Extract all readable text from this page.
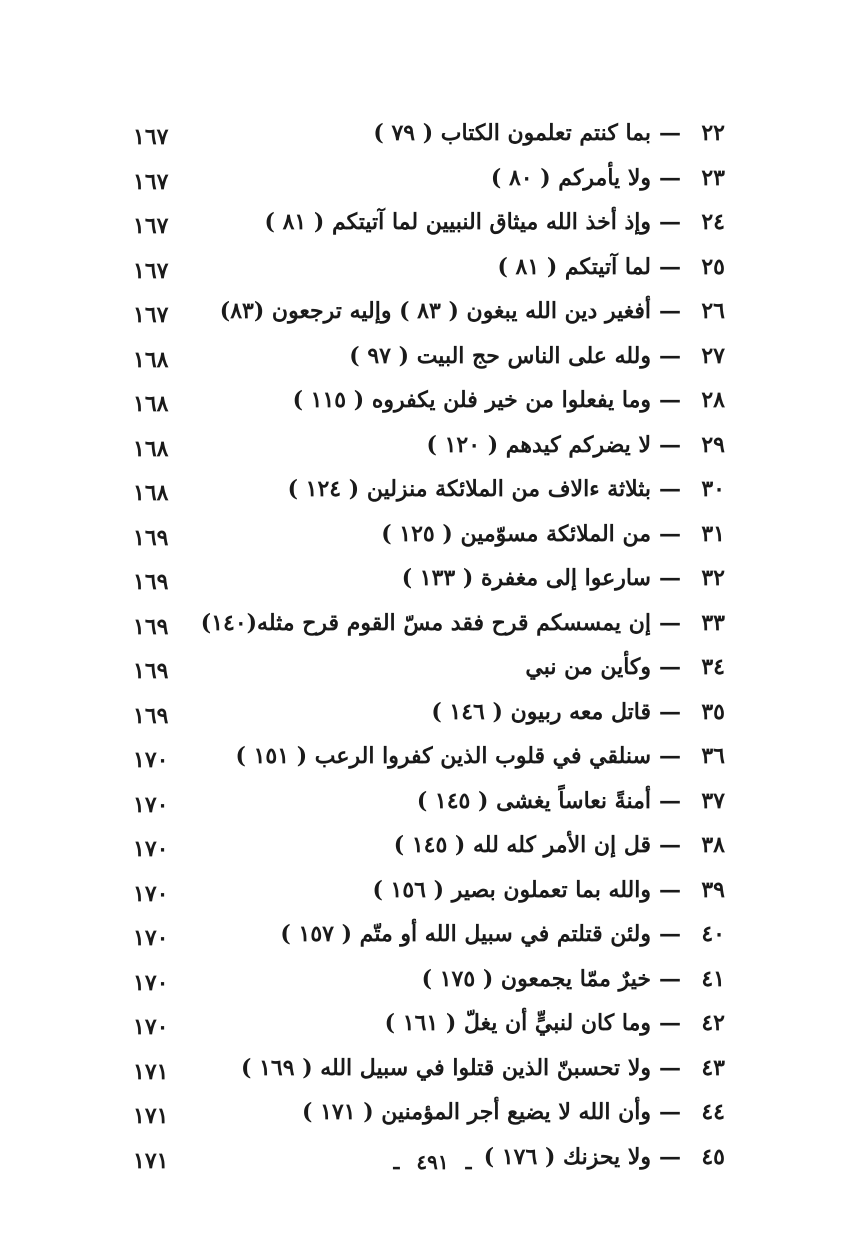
٢٢—بما كنتم تعلمون الكتاب ( ٧٩ )
١٦٧
٢٣—ولا يأمركم ( ٨٠ )
١٦٧
٢٤—وإذ أخذ الله ميثاق النبيين لما آتيتكم ( ٨١ )
١٦٧
٢٥—لما آتيتكم ( ٨١ )
١٦٧
٢٦—أفغير دين الله يبغون ( ٨٣ ) وإليه ترجعون (٨٣)
١٦٧
٢٧—ولله على الناس حج البيت ( ٩٧ )
١٦٨
٢٨—وما يفعلوا من خير فلن يكفروه ( ١١٥ )
١٦٨
٢٩—لا يضركم كيدهم ( ١٢٠ )
١٦٨
٣٠—بثلاثة ءالاف من الملائكة منزلين ( ١٢٤ )
١٦٨
٣١—من الملائكة مسوّمين ( ١٢٥ )
١٦٩
٣٢—سارعوا إلى مغفرة ( ١٣٣ )
١٦٩
٣٣—إن يمسسكم قرح فقد مسّ القوم قرح مثله(١٤٠)
١٦٩
٣٤—وكأين من نبي
١٦٩
٣٥—قاتل معه ربيون ( ١٤٦ )
١٦٩
٣٦—سنلقي في قلوب الذين كفروا الرعب ( ١٥١ )
١٧٠
٣٧—أمنةً نعاساً يغشى ( ١٤٥ )
١٧٠
٣٨—قل إن الأمر كله لله ( ١٤٥ )
١٧٠
٣٩—والله بما تعملون بصير ( ١٥٦ )
١٧٠
٤٠—ولئن قتلتم في سبيل الله أو متّم ( ١٥٧ )
١٧٠
٤١—خيرٌ ممّا يجمعون ( ١٧٥ )
١٧٠
٤٢—وما كان لنبيٍّ أن يغلّ ( ١٦١ )
١٧٠
٤٣—ولا تحسبنّ الذين قتلوا في سبيل الله ( ١٦٩ )
١٧١
٤٤—وأن الله لا يضيع أجر المؤمنين ( ١٧١ )
١٧١
٤٥—ولا يحزنك ( ١٧٦ )
١٧١	ـ ٤٩١ ـ
